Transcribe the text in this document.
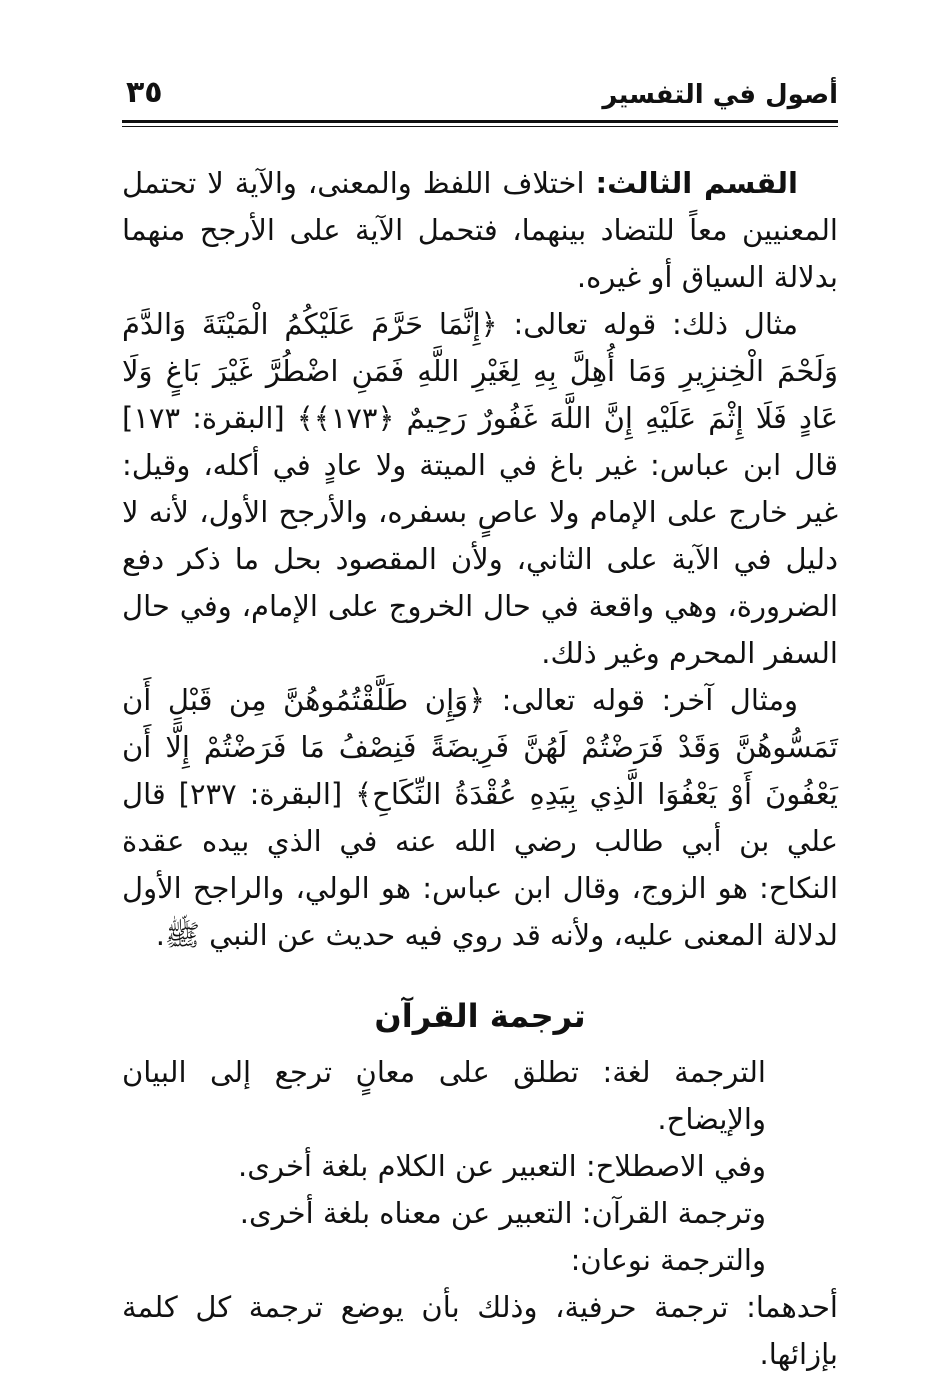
أصول في التفسير
٣٥

القسم الثالث: اختلاف اللفظ والمعنى، والآية لا تحتمل المعنيين معاً للتضاد بينهما، فتحمل الآية على الأرجح منهما بدلالة السياق أو غيره.

مثال ذلك: قوله تعالى: ﴿إِنَّمَا حَرَّمَ عَلَيْكُمُ الْمَيْتَةَ وَالدَّمَ وَلَحْمَ الْخِنزِيرِ وَمَا أُهِلَّ بِهِ لِغَيْرِ اللَّهِ فَمَنِ اضْطُرَّ غَيْرَ بَاغٍ وَلَا عَادٍ فَلَا إِثْمَ عَلَيْهِ إِنَّ اللَّهَ غَفُورٌ رَحِيمٌ ﴿١٧٣﴾﴾ [البقرة: ١٧٣] قال ابن عباس: غير باغ في الميتة ولا عادٍ في أكله، وقيل: غير خارج على الإمام ولا عاصٍ بسفره، والأرجح الأول، لأنه لا دليل في الآية على الثاني، ولأن المقصود بحل ما ذكر دفع الضرورة، وهي واقعة في حال الخروج على الإمام، وفي حال السفر المحرم وغير ذلك.

ومثال آخر: قوله تعالى: ﴿وَإِن طَلَّقْتُمُوهُنَّ مِن قَبْلِ أَن تَمَسُّوهُنَّ وَقَدْ فَرَضْتُمْ لَهُنَّ فَرِيضَةً فَنِصْفُ مَا فَرَضْتُمْ إِلَّا أَن يَعْفُونَ أَوْ يَعْفُوَا الَّذِي بِيَدِهِ عُقْدَةُ النِّكَاحِ﴾ [البقرة: ٢٣٧] قال علي بن أبي طالب رضي الله عنه في الذي بيده عقدة النكاح: هو الزوج، وقال ابن عباس: هو الولي، والراجح الأول لدلالة المعنى عليه، ولأنه قد روي فيه حديث عن النبي ﷺ.

ترجمة القرآن

الترجمة لغة: تطلق على معانٍ ترجع إلى البيان والإيضاح.

وفي الاصطلاح: التعبير عن الكلام بلغة أخرى.

وترجمة القرآن: التعبير عن معناه بلغة أخرى.

والترجمة نوعان:

أحدهما: ترجمة حرفية، وذلك بأن يوضع ترجمة كل كلمة بإزائها.
